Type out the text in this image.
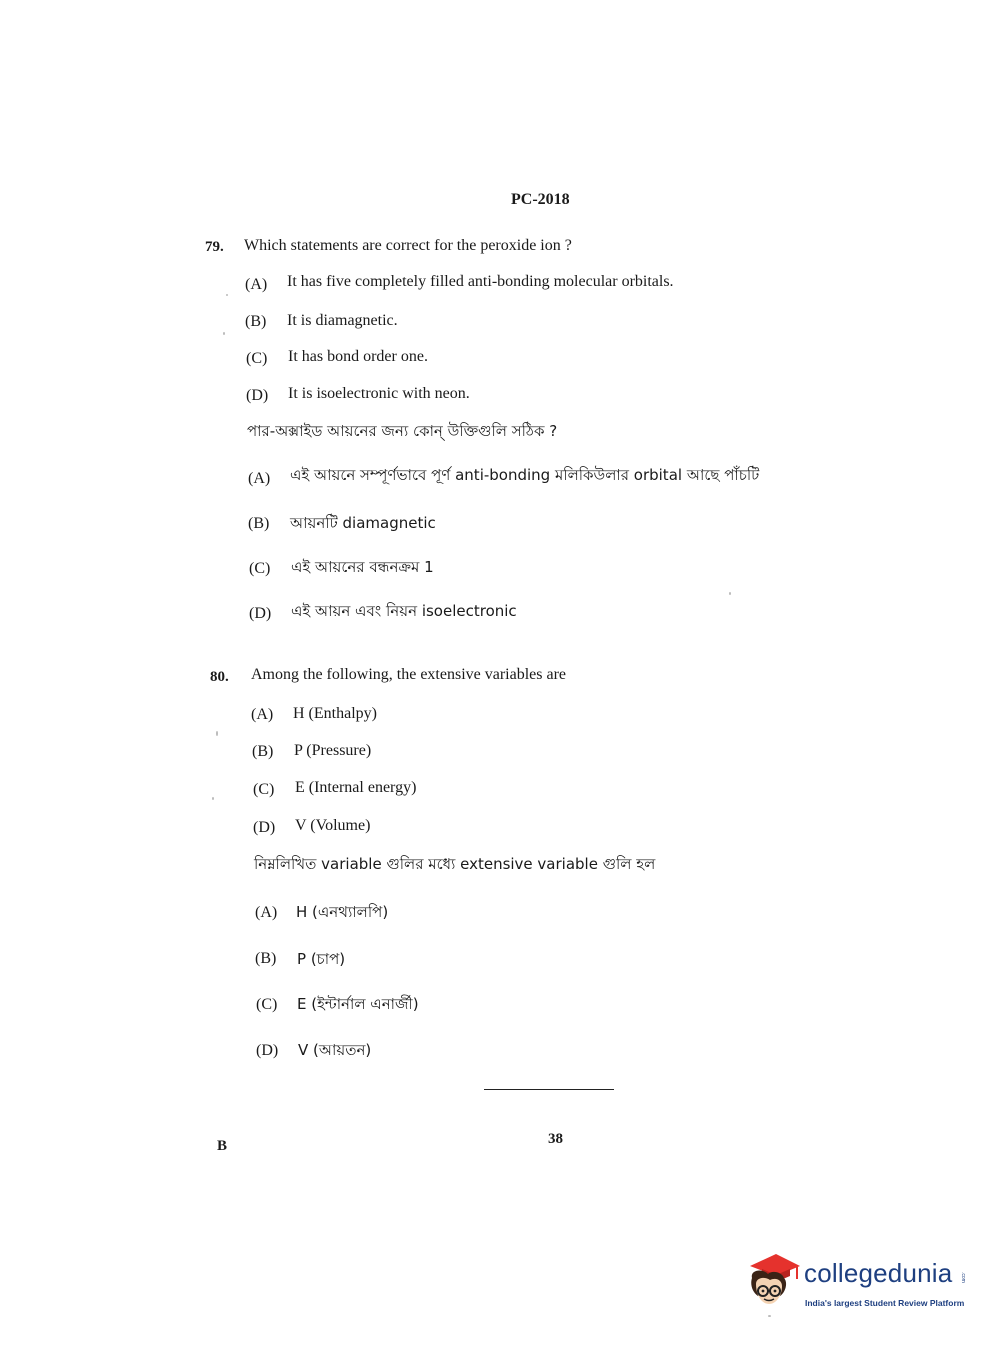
PC-2018
79. Which statements are correct for the peroxide ion ?
(A) It has five completely filled anti-bonding molecular orbitals.
(B) It is diamagnetic.
(C) It has bond order one.
(D) It is isoelectronic with neon.
পার-অক্সাইড আয়নের জন্য কোন্ উক্তিগুলি সঠিক ?
(A) এই আয়নে সম্পূর্ণভাবে পূর্ণ anti-bonding মলিকিউলার orbital আছে পাঁচটি
(B) আয়নটি diamagnetic
(C) এই আয়নের বন্ধনক্রম 1
(D) এই আয়ন এবং নিয়ন isoelectronic
80. Among the following, the extensive variables are
(A) H (Enthalpy)
(B) P (Pressure)
(C) E (Internal energy)
(D) V (Volume)
নিম্নলিখিত variable গুলির মধ্যে extensive variable গুলি হল
(A) H (এনথ্যালপি)
(B) P (চাপ)
(C) E (ইন্টার্নাল এনার্জী)
(D) V (আয়তন)
B	38
collegedunia .com
India's largest Student Review Platform
